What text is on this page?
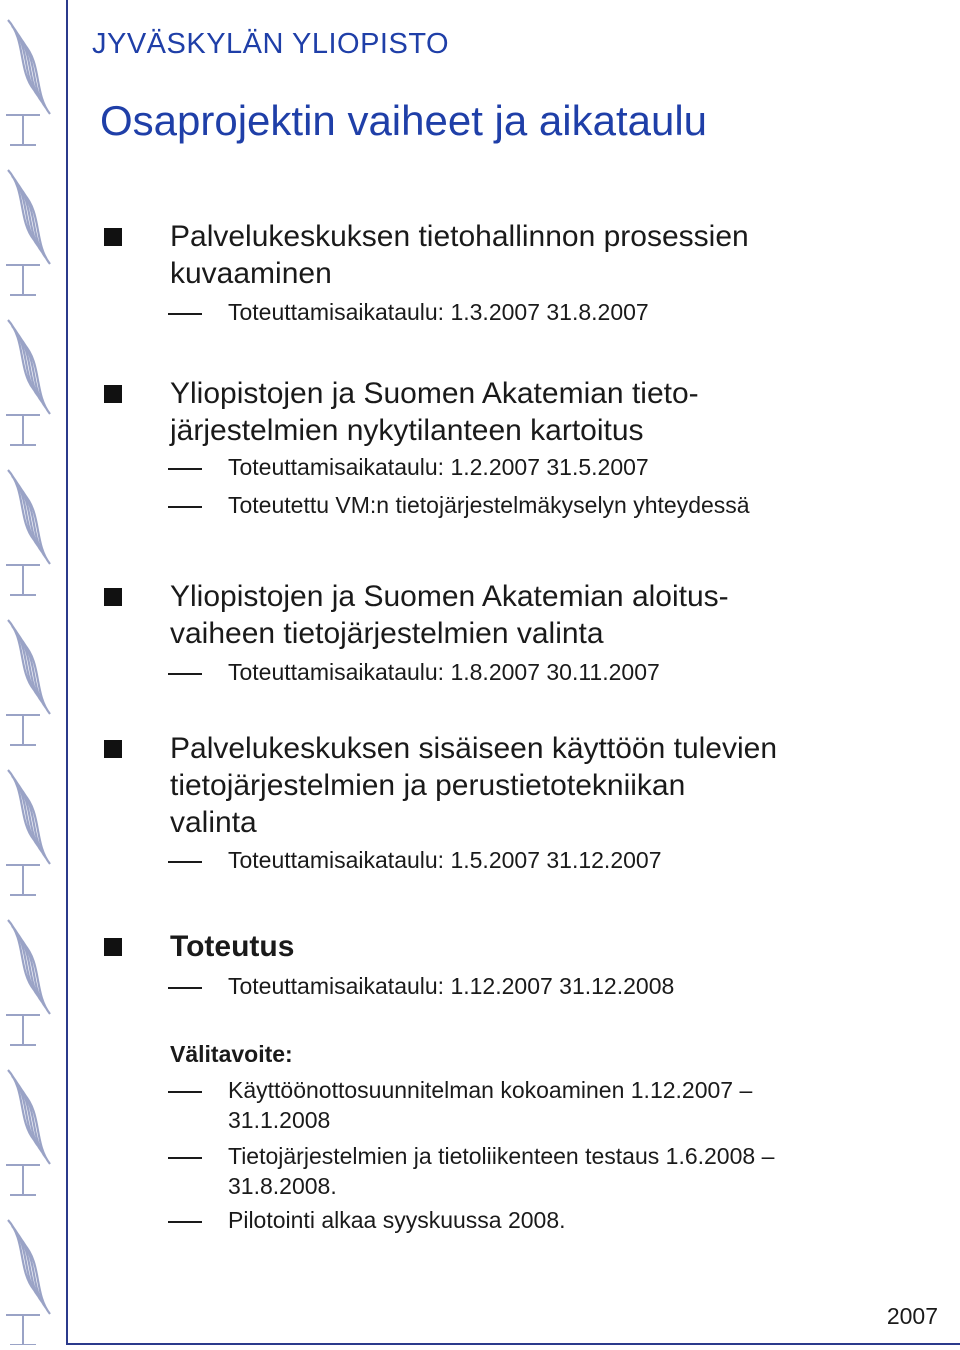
JYVÄSKYLÄN YLIOPISTO
Osaprojektin vaiheet ja aikataulu
Palvelukeskuksen tietohallinnon prosessien
kuvaaminen
Toteuttamisaikataulu: 1.3.2007 31.8.2007
Yliopistojen ja Suomen Akatemian tieto-
järjestelmien nykytilanteen kartoitus
Toteuttamisaikataulu: 1.2.2007 31.5.2007
Toteutettu VM:n tietojärjestelmäkyselyn yhteydessä
Yliopistojen ja Suomen Akatemian aloitus-
vaiheen tietojärjestelmien valinta
Toteuttamisaikataulu: 1.8.2007 30.11.2007
Palvelukeskuksen sisäiseen käyttöön tulevien
tietojärjestelmien ja perustietotekniikan
valinta
Toteuttamisaikataulu: 1.5.2007 31.12.2007
Toteutus
Toteuttamisaikataulu: 1.12.2007 31.12.2008
Välitavoite:
Käyttöönottosuunnitelman kokoaminen 1.12.2007 –
31.1.2008
Tietojärjestelmien ja tietoliikenteen testaus 1.6.2008 –
31.8.2008.
Pilotointi alkaa syyskuussa 2008.
2007
